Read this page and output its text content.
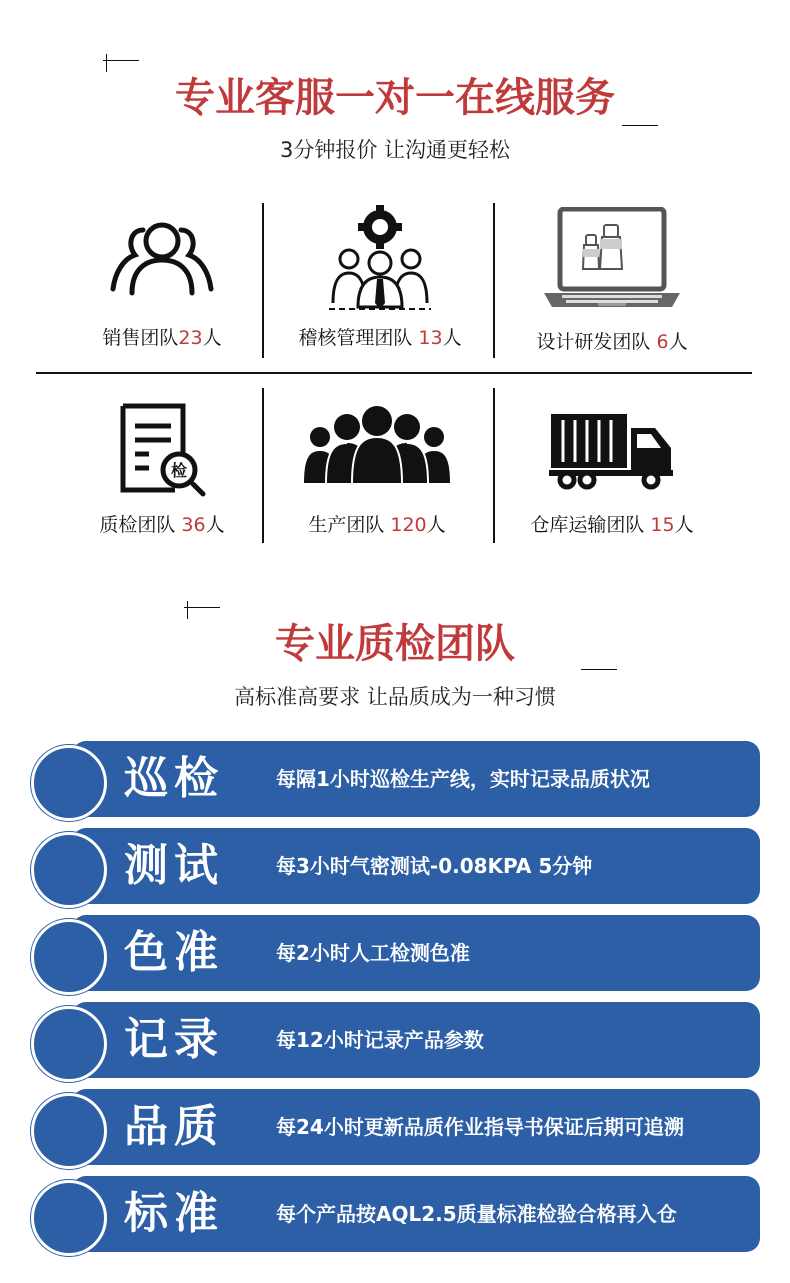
专业客服一对一在线服务
3分钟报价 让沟通更轻松
销售团队23人	稽核管理团队 13人	设计研发团队 6人
检
质检团队 36人	生产团队 120人	仓库运输团队 15人
专业质检团队
高标准高要求 让品质成为一种习惯
巡检	每隔1小时巡检生产线，实时记录品质状况
测试	每3小时气密测试-0.08KPA 5分钟
色准	每2小时人工检测色准
记录	每12小时记录产品参数
品质	每24小时更新品质作业指导书保证后期可追溯
标准	每个产品按AQL2.5质量标准检验合格再入仓
